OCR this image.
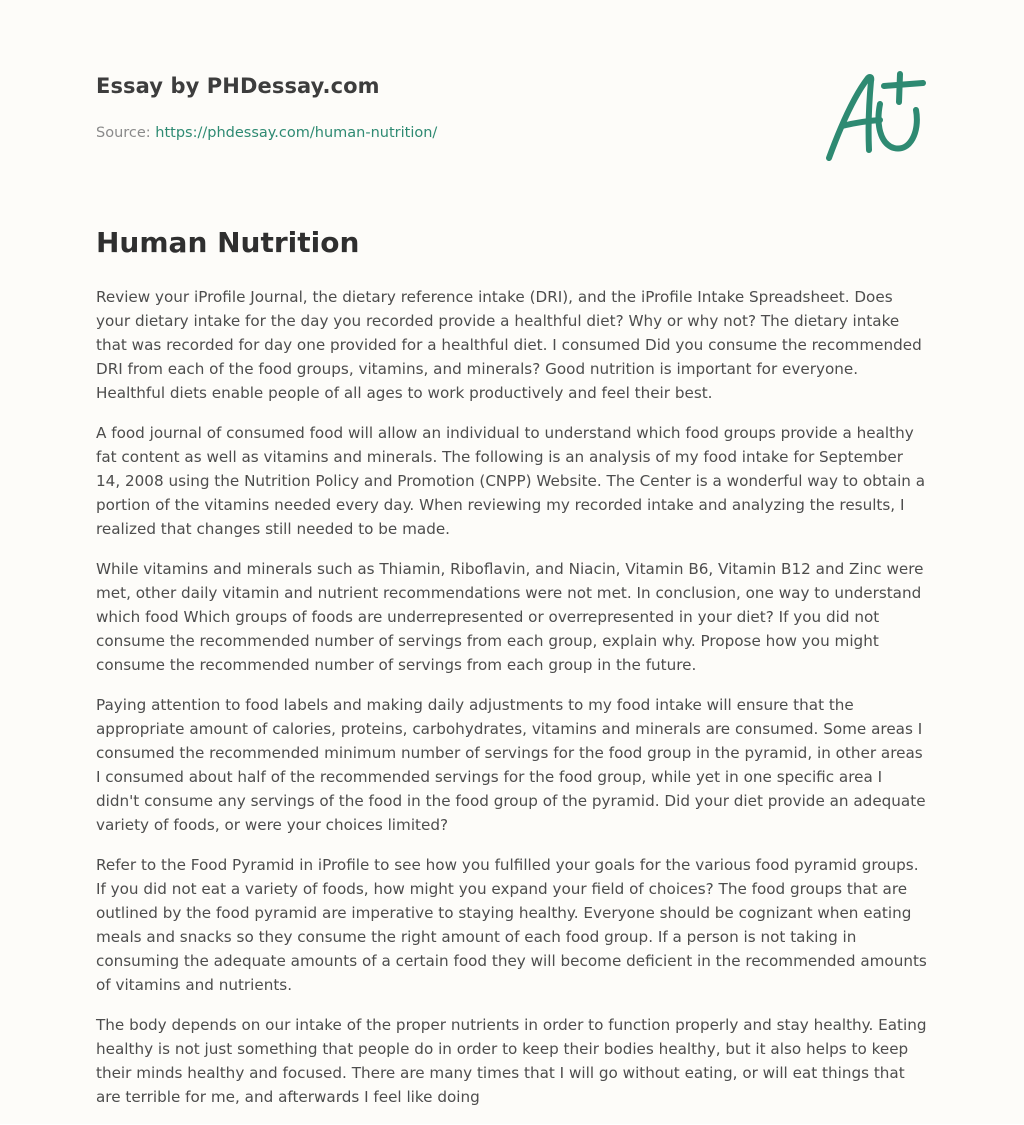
Essay by PHDessay.com
Source: https://phdessay.com/human-nutrition/
Human Nutrition

Review your iProfile Journal, the dietary reference intake (DRI), and the iProfile Intake Spreadsheet. Does your dietary intake for the day you recorded provide a healthful diet? Why or why not? The dietary intake that was recorded for day one provided for a healthful diet. I consumed Did you consume the recommended DRI from each of the food groups, vitamins, and minerals? Good nutrition is important for everyone. Healthful diets enable people of all ages to work productively and feel their best.

A food journal of consumed food will allow an individual to understand which food groups provide a healthy fat content as well as vitamins and minerals. The following is an analysis of my food intake for September 14, 2008 using the Nutrition Policy and Promotion (CNPP) Website. The Center is a wonderful way to obtain a portion of the vitamins needed every day. When reviewing my recorded intake and analyzing the results, I realized that changes still needed to be made.

While vitamins and minerals such as Thiamin, Riboflavin, and Niacin, Vitamin B6, Vitamin B12 and Zinc were met, other daily vitamin and nutrient recommendations were not met. In conclusion, one way to understand which food Which groups of foods are underrepresented or overrepresented in your diet? If you did not consume the recommended number of servings from each group, explain why. Propose how you might consume the recommended number of servings from each group in the future.

Paying attention to food labels and making daily adjustments to my food intake will ensure that the appropriate amount of calories, proteins, carbohydrates, vitamins and minerals are consumed. Some areas I consumed the recommended minimum number of servings for the food group in the pyramid, in other areas I consumed about half of the recommended servings for the food group, while yet in one specific area I didn't consume any servings of the food in the food group of the pyramid. Did your diet provide an adequate variety of foods, or were your choices limited?

Refer to the Food Pyramid in iProfile to see how you fulfilled your goals for the various food pyramid groups. If you did not eat a variety of foods, how might you expand your field of choices? The food groups that are outlined by the food pyramid are imperative to staying healthy. Everyone should be cognizant when eating meals and snacks so they consume the right amount of each food group. If a person is not taking in consuming the adequate amounts of a certain food they will become deficient in the recommended amounts of vitamins and nutrients.

The body depends on our intake of the proper nutrients in order to function properly and stay healthy. Eating healthy is not just something that people do in order to keep their bodies healthy, but it also helps to keep their minds healthy and focused. There are many times that I will go without eating, or will eat things that are terrible for me, and afterwards I feel like doing
